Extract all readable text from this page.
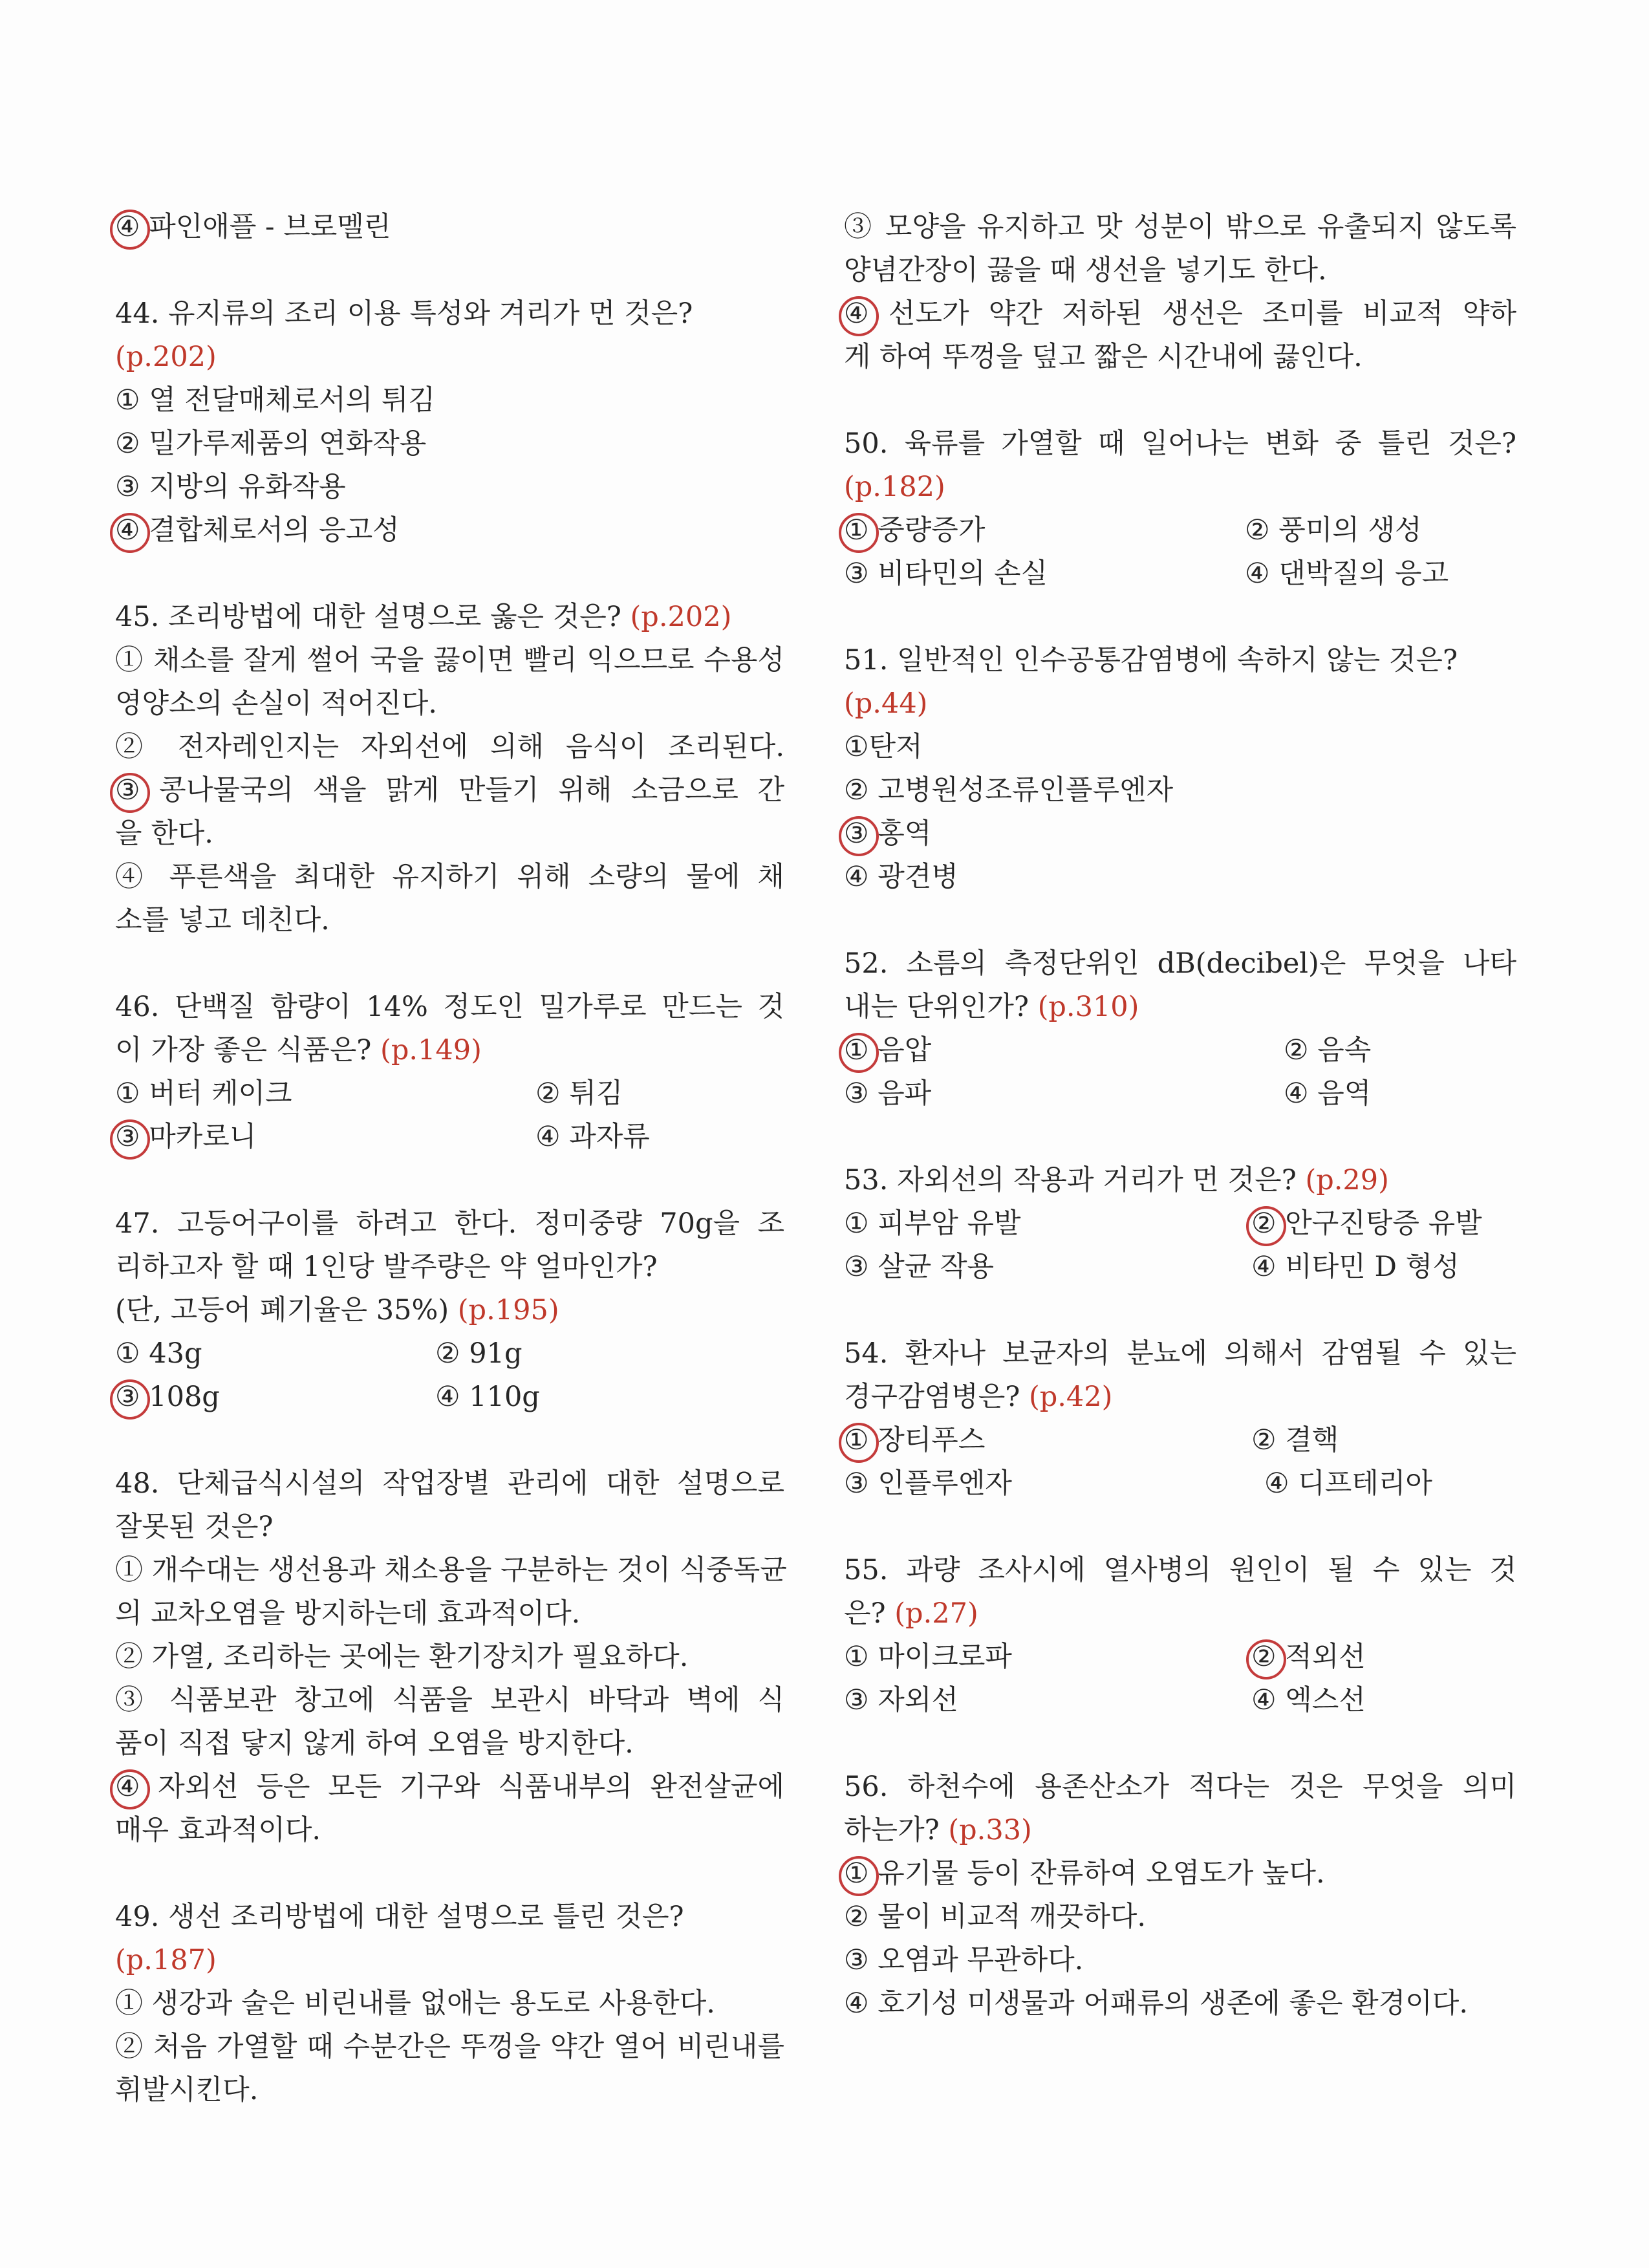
④ 파인애플 - 브로멜린
44. 유지류의 조리 이용 특성와 겨리가 먼 것은?
(p.202)
① 열 전달매체로서의 튀김
② 밀가루제품의 연화작용
③ 지방의 유화작용
④ 결합체로서의 응고성
45. 조리방법에 대한 설명으로 옳은 것은? (p.202)
① 채소를 잘게 썰어 국을 끓이면 빨리 익으므로 수용성
영양소의 손실이 적어진다.
② 전자레인지는 자외선에 의해 음식이 조리된다.
③ 콩나물국의 색을 맑게 만들기 위해 소금으로 간
을 한다.
④ 푸른색을 최대한 유지하기 위해 소량의 물에 채
소를 넣고 데친다.
46. 단백질 함량이 14% 정도인 밀가루로 만드는 것
이 가장 좋은 식품은? (p.149)
① 버터 케이크	② 튀김
③ 마카로니	④ 과자류
47. 고등어구이를 하려고 한다. 정미중량 70g을 조
리하고자 할 때 1인당 발주량은 약 얼마인가?
(단, 고등어 폐기율은 35%) (p.195)
① 43g	② 91g
③ 108g	④ 110g
48. 단체급식시설의 작업장별 관리에 대한 설명으로
잘못된 것은?
① 개수대는 생선용과 채소용을 구분하는 것이 식중독균
의 교차오염을 방지하는데 효과적이다.
② 가열, 조리하는 곳에는 환기장치가 필요하다.
③ 식품보관 창고에 식품을 보관시 바닥과 벽에 식
품이 직접 닿지 않게 하여 오염을 방지한다.
④ 자외선 등은 모든 기구와 식품내부의 완전살균에
매우 효과적이다.
49. 생선 조리방법에 대한 설명으로 틀린 것은?
(p.187)
① 생강과 술은 비린내를 없애는 용도로 사용한다.
② 처음 가열할 때 수분간은 뚜껑을 약간 열어 비린내를
휘발시킨다.
③ 모양을 유지하고 맛 성분이 밖으로 유출되지 않도록
양념간장이 끓을 때 생선을 넣기도 한다.
④ 선도가 약간 저하된 생선은 조미를 비교적 약하
게 하여 뚜껑을 덮고 짧은 시간내에 끓인다.
50. 육류를 가열할 때 일어나는 변화 중 틀린 것은?
(p.182)
① 중량증가	② 풍미의 생성
③ 비타민의 손실	④ 댄박질의 응고
51. 일반적인 인수공통감염병에 속하지 않는 것은?
(p.44)
①탄저
② 고병원성조류인플루엔자
③ 홍역
④ 광견병
52. 소름의 측정단위인 dB(decibel)은 무엇을 나타
내는 단위인가? (p.310)
① 음압	② 음속
③ 음파	④ 음역
53. 자외선의 작용과 거리가 먼 것은? (p.29)
① 피부암 유발	② 안구진탕증 유발
③ 살균 작용	④ 비타민 D 형성
54. 환자나 보균자의 분뇨에 의해서 감염될 수 있는
경구감염병은? (p.42)
① 장티푸스	② 결핵
③ 인플루엔자	④ 디프테리아
55. 과량 조사시에 열사병의 원인이 될 수 있는 것
은? (p.27)
① 마이크로파	② 적외선
③ 자외선	④ 엑스선
56. 하천수에 용존산소가 적다는 것은 무엇을 의미
하는가? (p.33)
① 유기물 등이 잔류하여 오염도가 높다.
② 물이 비교적 깨끗하다.
③ 오염과 무관하다.
④ 호기성 미생물과 어패류의 생존에 좋은 환경이다.
